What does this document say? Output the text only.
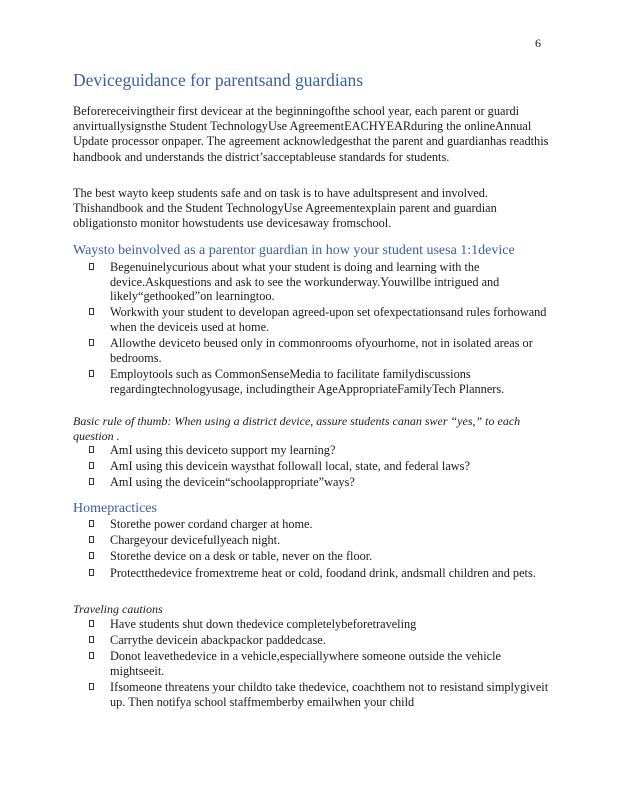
6
Deviceguidance for parentsand guardians

Beforereceivingtheir first devicear at the beginningofthe school year, each parent or guardi anvirtuallysignsthe Student TechnologyUse AgreementEACHYEARduring the onlineAnnual Update processor onpaper. The agreement acknowledgesthat the parent and guardianhas readthis handbook and understands the district’sacceptableuse standards for students.

The best wayto keep students safe and on task is to have adultspresent and involved. Thishandbook and the Student TechnologyUse Agreementexplain parent and guardian obligationsto monitor howstudents use devicesaway fromschool.

Waysto beinvolved as a parentor guardian in how your student usesa 1:1device
Begenuinelycurious about what your student is doing and learning with the device.Askquestions and ask to see the workunderway.Youwillbe intrigued and likely“gethooked”on learningtoo.
Workwith your student to developan agreed-upon set ofexpectationsand rules forhowand when the deviceis used at home.
Allowthe deviceto beused only in commonrooms ofyourhome, not in isolated areas or bedrooms.
Employtools such as CommonSenseMedia to facilitate familydiscussions regardingtechnologyusage, includingtheir AgeAppropriateFamilyTech Planners.

Basic rule of thumb: When using a district device, assure students canan swer “yes,” to each question .

AmI using this deviceto support my learning?
AmI using this devicein waysthat followall local, state, and federal laws?
AmI using the devicein“schoolappropriate”ways?
Homepractices
Storethe power cordand charger at home.
Chargeyour devicefullyeach night.
Storethe device on a desk or table, never on the floor.
Protectthedevice fromextreme heat or cold, foodand drink, andsmall children and pets.

Traveling cautions

Have students shut down thedevice completelybeforetraveling
Carrythe devicein abackpackor paddedcase.
Donot leavethedevice in a vehicle,especiallywhere someone outside the vehicle mightseeit.
Ifsomeone threatens your childto take thedevice, coachthem not to resistand simplygiveit up. Then notifya school staffmemberby emailwhen your child
